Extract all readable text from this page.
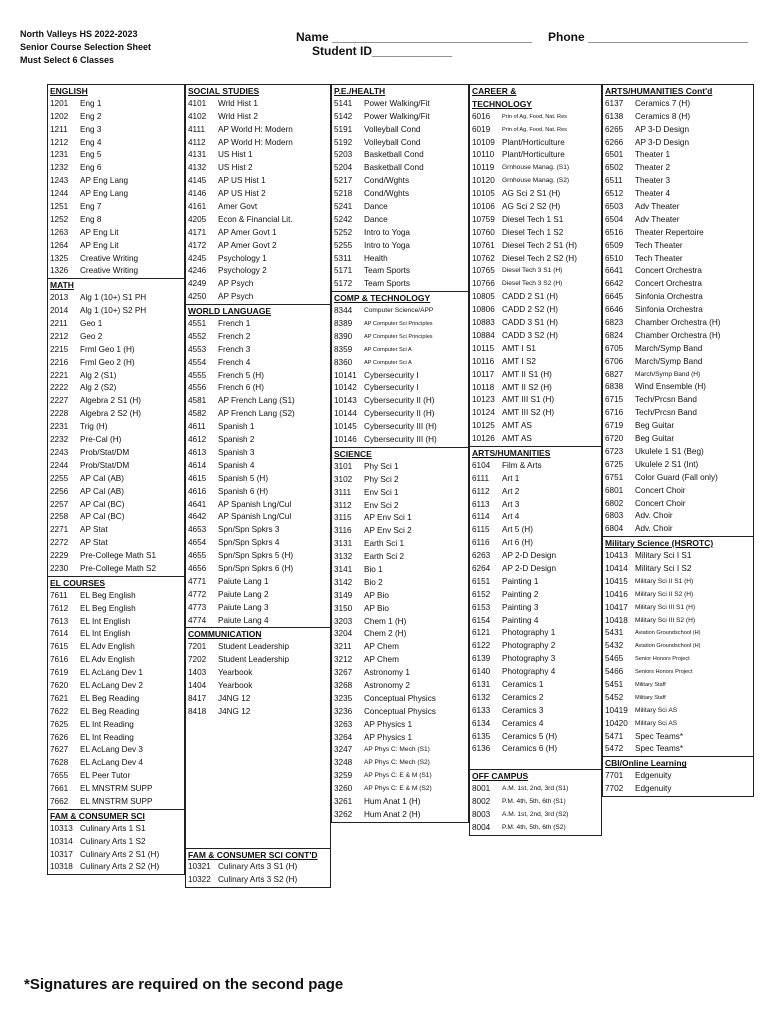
North Valleys HS 2022-2023
Senior Course Selection Sheet
Must Select 6 Classes
Name ______________________________ Phone ________________________
Student ID____________
ENGLISH
1201	Eng 1
1202	Eng 2
1211	Eng 3
1212	Eng 4
1231	Eng 5
1232	Eng 6
1243	AP Eng Lang
1244	AP Eng Lang
1251	Eng 7
1252	Eng 8
1263	AP Eng Lit
1264	AP Eng Lit
1325	Creative Writing
1326	Creative Writing
MATH
2013	Alg 1 (10+) S1 PH
2014	Alg 1 (10+) S2 PH
2211	Geo 1
2212	Geo 2
2215	Frml Geo 1 (H)
2216	Frml Geo 2 (H)
2221	Alg 2 (S1)
2222	Alg 2 (S2)
2227	Algebra 2 S1 (H)
2228	Algebra 2 S2 (H)
2231	Trig (H)
2232	Pre-Cal (H)
2243	Prob/Stat/DM
2244	Prob/Stat/DM
2255	AP Cal (AB)
2256	AP Cal (AB)
2257	AP Cal (BC)
2258	AP Cal (BC)
2271	AP Stat
2272	AP Stat
2229	Pre-College Math S1
2230	Pre-College Math S2
EL COURSES
7611	EL Beg English
7612	EL Beg English
7613	EL Int English
7614	EL Int English
7615	EL Adv English
7616	EL Adv English
7619	EL AcLang Dev 1
7620	EL AcLang Dev 2
7621	EL Beg Reading
7622	EL Beg Reading
7625	EL Int Reading
7626	EL Int Reading
7627	EL AcLang Dev 3
7628	EL AcLang Dev 4
7655	EL Peer Tutor
7661	EL MNSTRM SUPP
7662	EL MNSTRM SUPP
FAM & CONSUMER SCI
10313 Culinary Arts 1 S1
10314 Culinary Arts 1 S2
10317 Culinary Arts 2 S1 (H)
10318 Culinary Arts 2 S2 (H)
SOCIAL STUDIES
4101	Wrld Hist 1
4102	Wrld Hist 2
4111	AP World H: Modern
4112	AP World H: Modern
4131	US Hist 1
4132	US Hist 2
4145	AP US Hist 1
4146	AP US Hist 2
4161	Amer Govt
4205	Econ & Financial Lit.
4171	AP Amer Govt 1
4172	AP Amer Govt 2
4245	Psychology 1
4246	Psychology 2
4249	AP Psych
4250	AP Psych
WORLD LANGUAGE
4551	French 1
4552	French 2
4553	French 3
4554	French 4
4555	French 5 (H)
4556	French 6 (H)
4581	AP French Lang (S1)
4582	AP French Lang (S2)
4611	Spanish 1
4612	Spanish 2
4613	Spanish 3
4614	Spanish 4
4615	Spanish 5 (H)
4616	Spanish 6 (H)
4641	AP Spanish Lng/Cul
4642	AP Spanish Lng/Cul
4653	Spn/Spn Spkrs 3
4654	Spn/Spn Spkrs 4
4655	Spn/Spn Spkrs 5 (H)
4656	Spn/Spn Spkrs 6 (H)
4771	Paiute Lang 1
4772	Paiute Lang 2
4773	Paiute Lang 3
4774	Paiute Lang 4
COMMUNICATION
7201	Student Leadership
7202	Student Leadership
1403	Yearbook
1404	Yearbook
8417	J4NG 12
8418	J4NG 12
FAM & CONSUMER SCI CONT'D
10321 Culinary Arts 3 S1 (H)
10322 Culinary Arts 3 S2 (H)
P.E./HEALTH
5141	Power Walking/Fit
5142	Power Walking/Fit
5191	Volleyball Cond
5192	Volleyball Cond
5203	Basketball Cond
5204	Basketball Cond
5217	Cond/Wghts
5218	Cond/Wghts
5241	Dance
5242	Dance
5252	Intro to Yoga
5255	Intro to Yoga
5311	Health
5171	Team Sports
5172	Team Sports
COMP & TECHNOLOGY
8344	Computer Science/APP
8389	AP Computer Sci Principles
8390	AP Computer Sci Principles
8359	AP Computer Sci A
8360	AP Computer Sci A
10141 Cybersecurity I
10142 Cybersecurity I
10143 Cybersecurity II (H)
10144 Cybersecurity II (H)
10145 Cybersecurity III (H)
10146 Cybersecurity III (H)
SCIENCE
3101	Phy Sci 1
3102	Phy Sci 2
3111	Env Sci 1
3112	Env Sci 2
3115	AP Env Sci 1
3116	AP Env Sci 2
3131	Earth Sci 1
3132	Earth Sci 2
3141	Bio 1
3142	Bio 2
3149	AP Bio
3150	AP Bio
3203	Chem 1 (H)
3204	Chem 2 (H)
3211	AP Chem
3212	AP Chem
3267	Astronomy 1
3268	Astronomy 2
3235	Conceptual Physics
3236	Conceptual Physics
3263	AP Physics 1
3264	AP Physics 1
3247	AP Phys C: Mech (S1)
3248	AP Phys C: Mech (S2)
3259	AP Phys C: E & M (S1)
3260	AP Phys C: E & M (S2)
3261	Hum Anat 1 (H)
3262	Hum Anat 2 (H)
CAREER & TECHNOLOGY
6016	Prin of Ag, Food, Nat. Res
6019	Prin of Ag, Food, Nat. Res
10109 Plant/Horticulture
10110 Plant/Horticulture
10119	Grnhouse Manag. (S1)
10120	Grnhouse Manag. (S2)
10105 AG Sci 2 S1 (H)
10106 AG Sci 2 S2 (H)
10759 Diesel Tech 1 S1
10760 Diesel Tech 1 S2
10761 Diesel Tech 2 S1 (H)
10762 Diesel Tech 2 S2 (H)
10765	Diesel Tech 3 S1 (H)
10766	Diesel Tech 3 S2 (H)
10805 CADD 2 S1 (H)
10806 CADD 2 S2 (H)
10883 CADD 3 S1 (H)
10884 CADD 3 S2 (H)
10115 AMT I S1
10116 AMT I S2
10117 AMT II S1 (H)
10118 AMT II S2 (H)
10123 AMT III S1 (H)
10124 AMT III S2 (H)
10125 AMT AS
10126 AMT AS
ARTS/HUMANITIES
6104	Film & Arts
6111	Art 1
6112	Art 2
6113	Art 3
6114	Art 4
6115	Art 5 (H)
6116	Art 6 (H)
6263	AP 2-D Design
6264	AP 2-D Design
6151	Painting 1
6152	Painting 2
6153	Painting 3
6154	Painting 4
6121	Photography 1
6122	Photography 2
6139	Photography 3
6140	Photography 4
6131	Ceramics 1
6132	Ceramics 2
6133	Ceramics 3
6134	Ceramics 4
6135	Ceramics 5 (H)
6136	Ceramics 6 (H)
OFF CAMPUS
8001	A.M. 1st, 2nd, 3rd (S1)
8002	P.M. 4th, 5th, 6th (S1)
8003	A.M. 1st, 2nd, 3rd (S2)
8004	P.M. 4th, 5th, 6th (S2)
ARTS/HUMANITIES Cont'd
6137	Ceramics 7 (H)
6138	Ceramics 8 (H)
6265	AP 3-D Design
6266	AP 3-D Design
6501	Theater 1
6502	Theater 2
6511	Theater 3
6512	Theater 4
6503	Adv Theater
6504	Adv Theater
6516	Theater Repertoire
6509	Tech Theater
6510	Tech Theater
6641	Concert Orchestra
6642	Concert Orchestra
6645	Sinfonia Orchestra
6646	Sinfonia Orchestra
6823	Chamber Orchestra (H)
6824	Chamber Orchestra (H)
6705	March/Symp Band
6706	March/Symp Band
6827	March/Symp Band (H)
6838	Wind Ensemble (H)
6715	Tech/Prcsn Band
6716	Tech/Prcsn Band
6719	Beg Guitar
6720	Beg Guitar
6723	Ukulele 1 S1 (Beg)
6725	Ukulele 2 S1 (Int)
6751	Color Guard (Fall only)
6801	Concert Choir
6802	Concert Choir
6803	Adv. Choir
6804	Adv. Choir
Military Science (HSROTC)
10413 Military Sci I S1
10414 Military Sci I S2
10415	Military Sci II S1 (H)
10416	Military Sci II S2 (H)
10417	Military Sci III S1 (H)
10418	Military Sci III S2 (H)
5431	Aviation Groundschool (H)
5432	Aviation Groundschool (H)
5465	Senior Honors Project
5466	Seniors Honors Project
5451	Military Staff
5452	Military Staff
10419	Military Sci AS
10420	Military Sci AS
5471	Spec Teams*
5472	Spec Teams*
CBI/Online Learning
7701	Edgenuity
7702	Edgenuity
*Signatures are required on the second page
